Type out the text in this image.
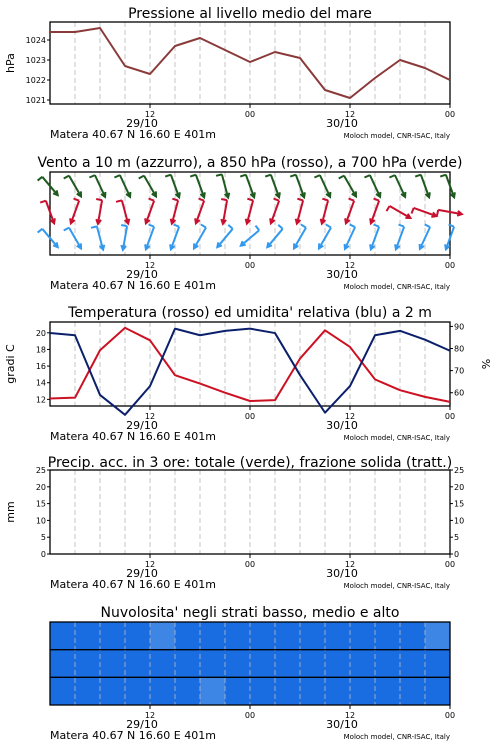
Pressione al livello medio del mare
1021
1022
1023
1024
hPa
12	00	12	00
29/10	30/10
Matera 40.67 N 16.60 E 401m	Moloch model, CNR-ISAC, Italy
Vento a 10 m (azzurro), a 850 hPa (rosso), a 700 hPa (verde)
12	00	12	00
29/10	30/10
Matera 40.67 N 16.60 E 401m	Moloch model, CNR-ISAC, Italy
Temperatura (rosso) ed umidita' relativa (blu) a 2 m
12
14
16
18
20
60
70
80
90
gradi C	%
12	00	12	00
29/10	30/10
Matera 40.67 N 16.60 E 401m	Moloch model, CNR-ISAC, Italy
Precip. acc. in 3 ore: totale (verde), frazione solida (tratt.)
0
5
10
15
20
25
0
5
10
15
20
25
mm
12	00	12	00
29/10	30/10
Matera 40.67 N 16.60 E 401m	Moloch model, CNR-ISAC, Italy
Nuvolosita' negli strati basso, medio e alto
12	00	12	00
29/10	30/10
Matera 40.67 N 16.60 E 401m	Moloch model, CNR-ISAC, Italy
